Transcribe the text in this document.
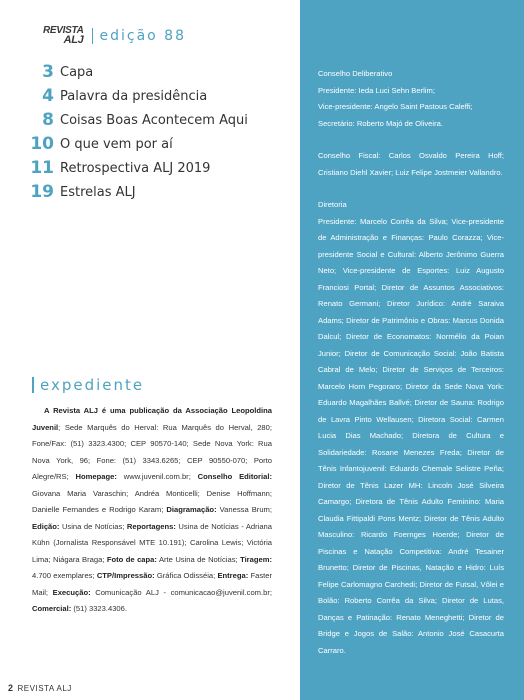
REVISTA
ALJ edição 88
3 Capa
4 Palavra da presidência
8 Coisas Boas Acontecem Aqui
10 O que vem por aí
11 Retrospectiva ALJ 2019
19 Estrelas ALJ
expediente
A Revista ALJ é uma publicação da Associação Leopoldina Juvenil; Sede Marquês do Herval: Rua Marquês do Herval, 280; Fone/Fax: (51) 3323.4300; CEP 90570-140; Sede Nova York: Rua Nova York, 96; Fone: (51) 3343.6265; CEP 90550-070; Porto Alegre/RS; Homepage: www.juvenil.com.br; Conselho Editorial: Giovana Maria Varaschin; Andréa Monticelli; Denise Hoffmann; Danielle Fernandes e Rodrigo Karam; Diagramação: Vanessa Brum; Edição: Usina de Notícias; Reportagens: Usina de Notícias - Adriana Kühn (Jornalista Responsável MTE 10.191); Carolina Lewis; Victória Lima; Niágara Braga; Foto de capa: Arte Usina de Notícias; Tiragem: 4.700 exemplares; CTP/Impressão: Gráfica Odisséia; Entrega: Faster Mail; Execução: Comunicação ALJ - comunicacao@juvenil.com.br; Comercial: (51) 3323.4306.
2 REVISTA ALJ

Conselho Deliberativo

Presidente: Ieda Luci Sehn Berlim;

Vice-presidente: Angelo Saint Pastous Caleffi;

Secretário: Roberto Majó de Oliveira.

Conselho Fiscal: Carlos Osvaldo Pereira Hoff; Cristiano Diehl Xavier; Luiz Felipe Jostmeier Vallandro.

Diretoria

Presidente: Marcelo Corrêa da Silva; Vice-presidente de Administração e Finanças: Paulo Corazza; Vice-presidente Social e Cultural: Alberto Jerônimo Guerra Neto; Vice-presidente de Esportes: Luiz Augusto Franciosi Portal; Diretor de Assuntos Associativos: Renato Germani; Diretor Jurídico: André Saraiva Adams; Diretor de Patrimônio e Obras: Marcus Donida Dalcul; Diretor de Economatos: Normélio da Poian Junior; Diretor de Comunicação Social: João Batista Cabral de Melo; Diretor de Serviços de Terceiros: Marcelo Horn Pegoraro; Diretor da Sede Nova York: Eduardo Magalhães Ballvé; Diretor de Sauna: Rodrigo de Lavra Pinto Wellausen; Diretora Social: Carmen Lucia Dias Machado; Diretora de Cultura e Solidariedade: Rosane Menezes Freda; Diretor de Tênis Infantojuvenil: Eduardo Chemale Selistre Peña; Diretor de Tênis Lazer MH: Lincoln José Silveira Camargo; Diretora de Tênis Adulto Feminino: Maria Claudia Fittipaldi Pons Mentz; Diretor de Tênis Adulto Masculino: Ricardo Foernges Hoerde; Diretor de Piscinas e Natação Competitiva: André Tesainer Brunetto; Diretor de Piscinas, Natação e Hidro: Luís Felipe Carlomagno Carchedi; Diretor de Futsal, Vôlei e Bolão: Roberto Corrêa da Silva; Diretor de Lutas, Danças e Patinação: Renato Meneghetti; Diretor de Bridge e Jogos de Salão: Antonio José Casacurta Carraro.
